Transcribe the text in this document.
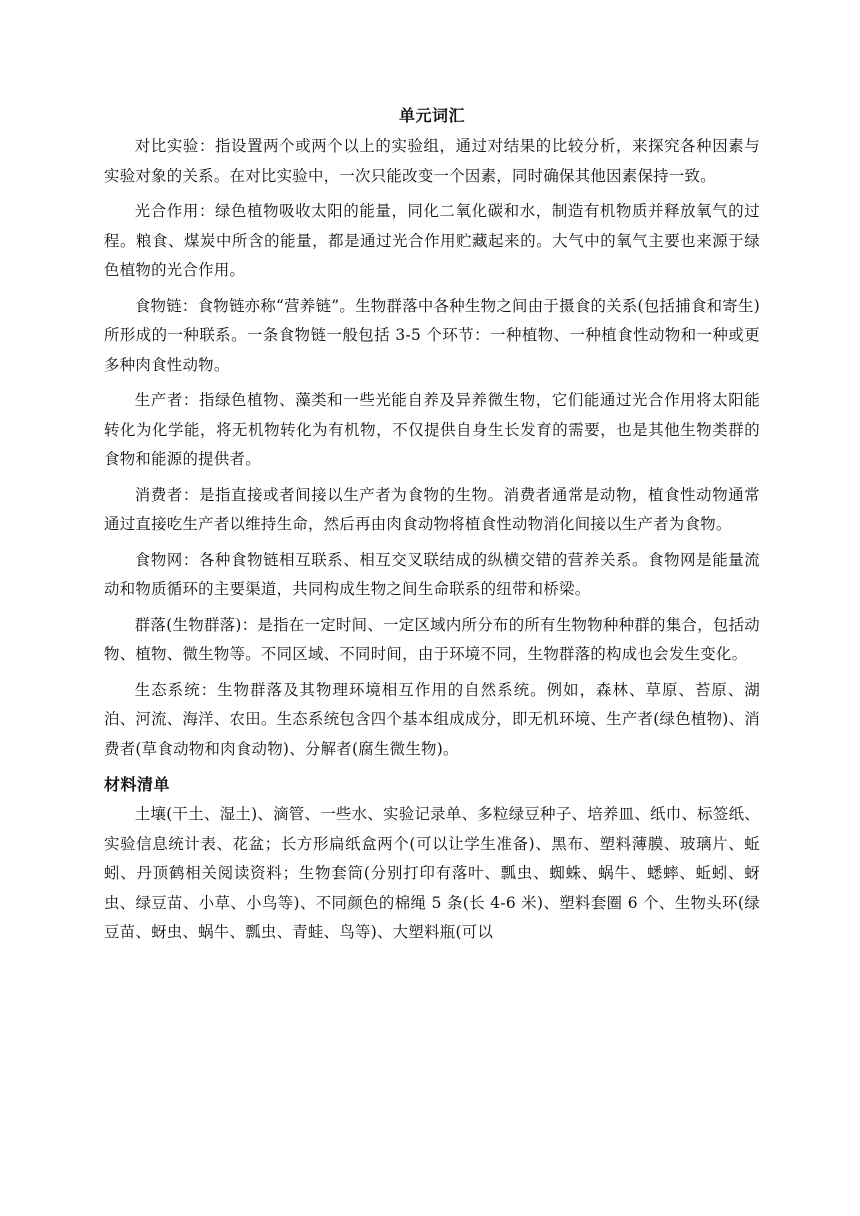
单元词汇

对比实验：指设置两个或两个以上的实验组，通过对结果的比较分析，来探究各种因素与实验对象的关系。在对比实验中，一次只能改变一个因素，同时确保其他因素保持一致。

光合作用：绿色植物吸收太阳的能量，同化二氧化碳和水，制造有机物质并释放氧气的过程。粮食、煤炭中所含的能量，都是通过光合作用贮藏起来的。大气中的氧气主要也来源于绿色植物的光合作用。

食物链：食物链亦称“营养链”。生物群落中各种生物之间由于摄食的关系(包括捕食和寄生)所形成的一种联系。一条食物链一般包括 3-5 个环节：一种植物、一种植食性动物和一种或更多种肉食性动物。

生产者：指绿色植物、藻类和一些光能自养及异养微生物，它们能通过光合作用将太阳能转化为化学能，将无机物转化为有机物，不仅提供自身生长发育的需要，也是其他生物类群的食物和能源的提供者。

消费者：是指直接或者间接以生产者为食物的生物。消费者通常是动物，植食性动物通常通过直接吃生产者以维持生命，然后再由肉食动物将植食性动物消化间接以生产者为食物。

食物网：各种食物链相互联系、相互交叉联结成的纵横交错的营养关系。食物网是能量流动和物质循环的主要渠道，共同构成生物之间生命联系的纽带和桥梁。

群落(生物群落)：是指在一定时间、一定区域内所分布的所有生物物种种群的集合，包括动物、植物、微生物等。不同区域、不同时间，由于环境不同，生物群落的构成也会发生变化。

生态系统：生物群落及其物理环境相互作用的自然系统。例如，森林、草原、苔原、湖泊、河流、海洋、农田。生态系统包含四个基本组成成分，即无机环境、生产者(绿色植物)、消费者(草食动物和肉食动物)、分解者(腐生微生物)。

材料清单

土壤(干土、湿土)、滴管、一些水、实验记录单、多粒绿豆种子、培养皿、纸巾、标签纸、实验信息统计表、花盆；长方形扁纸盒两个(可以让学生准备)、黑布、塑料薄膜、玻璃片、蚯蚓、丹顶鹤相关阅读资料；生物套筒(分别打印有落叶、瓢虫、蜘蛛、蜗牛、蟋蟀、蚯蚓、蚜虫、绿豆苗、小草、小鸟等)、不同颜色的棉绳 5 条(长 4-6 米)、塑料套圈 6 个、生物头环(绿豆苗、蚜虫、蜗牛、瓢虫、青蛙、鸟等)、大塑料瓶(可以
